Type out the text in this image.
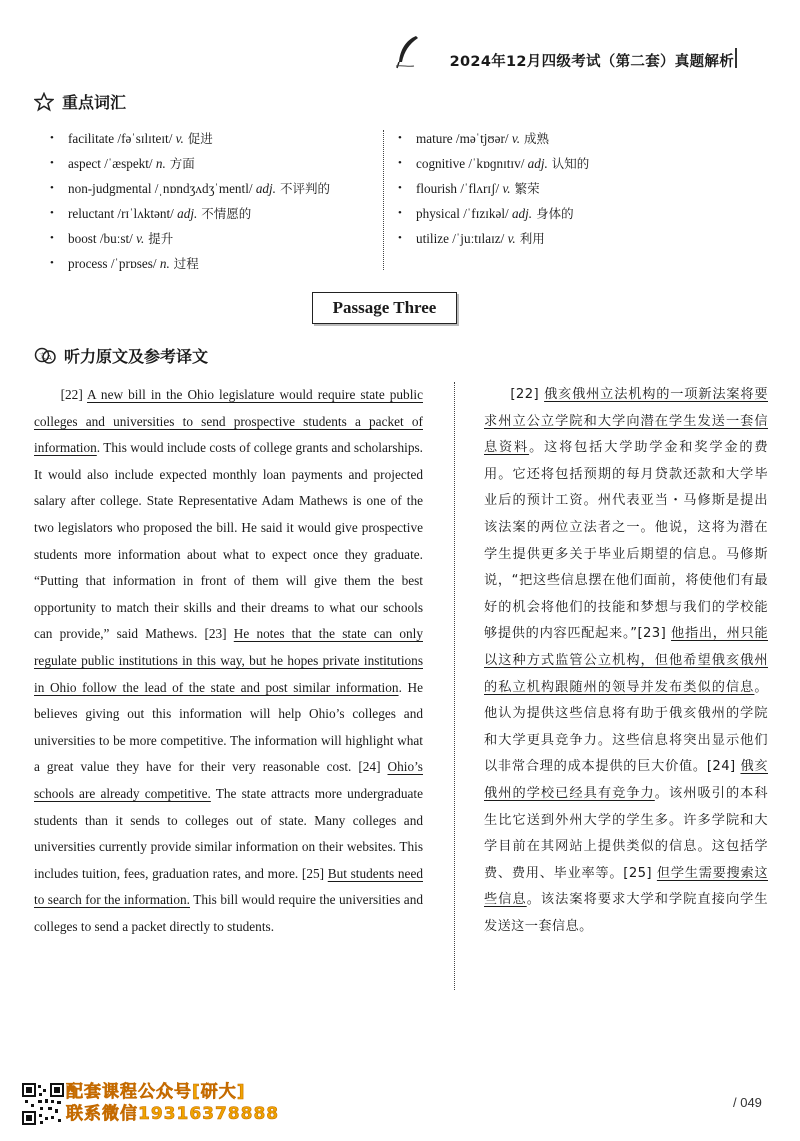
2024年12月四级考试（第二套）真题解析
重点词汇
• facilitate /fəˈsɪlɪteɪt/ v. 促进
• aspect /ˈæspekt/ n. 方面
• non-judgmental /ˌnɒndʒʌdʒˈmentl/ adj. 不评判的
• reluctant /rɪˈlʌktənt/ adj. 不情愿的
• boost /buːst/ v. 提升
• process /ˈprɒses/ n. 过程
• mature /məˈtjʊər/ v. 成熟
• cognitive /ˈkɒɡnɪtɪv/ adj. 认知的
• flourish /ˈflʌrɪʃ/ v. 繁荣
• physical /ˈfɪzɪkəl/ adj. 身体的
• utilize /ˈjuːtɪlaɪz/ v. 利用
Passage Three
文 A 听力原文及参考译文
[22] A new bill in the Ohio legislature would require state public colleges and universities to send prospective students a packet of information. This would include costs of college grants and scholarships. It would also include expected monthly loan payments and projected salary after college. State Representative Adam Mathews is one of the two legislators who proposed the bill. He said it would give prospective students more information about what to expect once they graduate. “Putting that information in front of them will give them the best opportunity to match their skills and their dreams to what our schools can provide,” said Mathews. [23] He notes that the state can only regulate public institutions in this way, but he hopes private institutions in Ohio follow the lead of the state and post similar information. He believes giving out this information will help Ohio’s colleges and universities to be more competitive. The information will highlight what a great value they have for their very reasonable cost. [24] Ohio’s schools are already competitive. The state attracts more undergraduate students than it sends to colleges out of state. Many colleges and universities currently provide similar information on their websites. This includes tuition, fees, graduation rates, and more. [25] But students need to search for the information. This bill would require the universities and colleges to send a packet directly to students.
[22] 俄亥俄州立法机构的一项新法案将要求州立公立学院和大学向潜在学生发送一套信息资料。这将包括大学助学金和奖学金的费用。它还将包括预期的每月贷款还款和大学毕业后的预计工资。州代表亚当・马修斯是提出该法案的两位立法者之一。他说，这将为潜在学生提供更多关于毕业后期望的信息。马修斯说，“把这些信息摆在他们面前，将使他们有最好的机会将他们的技能和梦想与我们的学校能够提供的内容匹配起来。”[23] 他指出，州只能以这种方式监管公立机构，但他希望俄亥俄州的私立机构跟随州的领导并发布类似的信息。他认为提供这些信息将有助于俄亥俄州的学院和大学更具竞争力。这些信息将突出显示他们以非常合理的成本提供的巨大价值。[24] 俄亥俄州的学校已经具有竞争力。该州吸引的本科生比它送到外州大学的学生多。许多学院和大学目前在其网站上提供类似的信息。这包括学费、费用、毕业率等。[25] 但学生需要搜索这些信息。该法案将要求大学和学院直接向学生发送这一套信息。
配套课程公众号[研大]
联系微信19316378888
/ 049
